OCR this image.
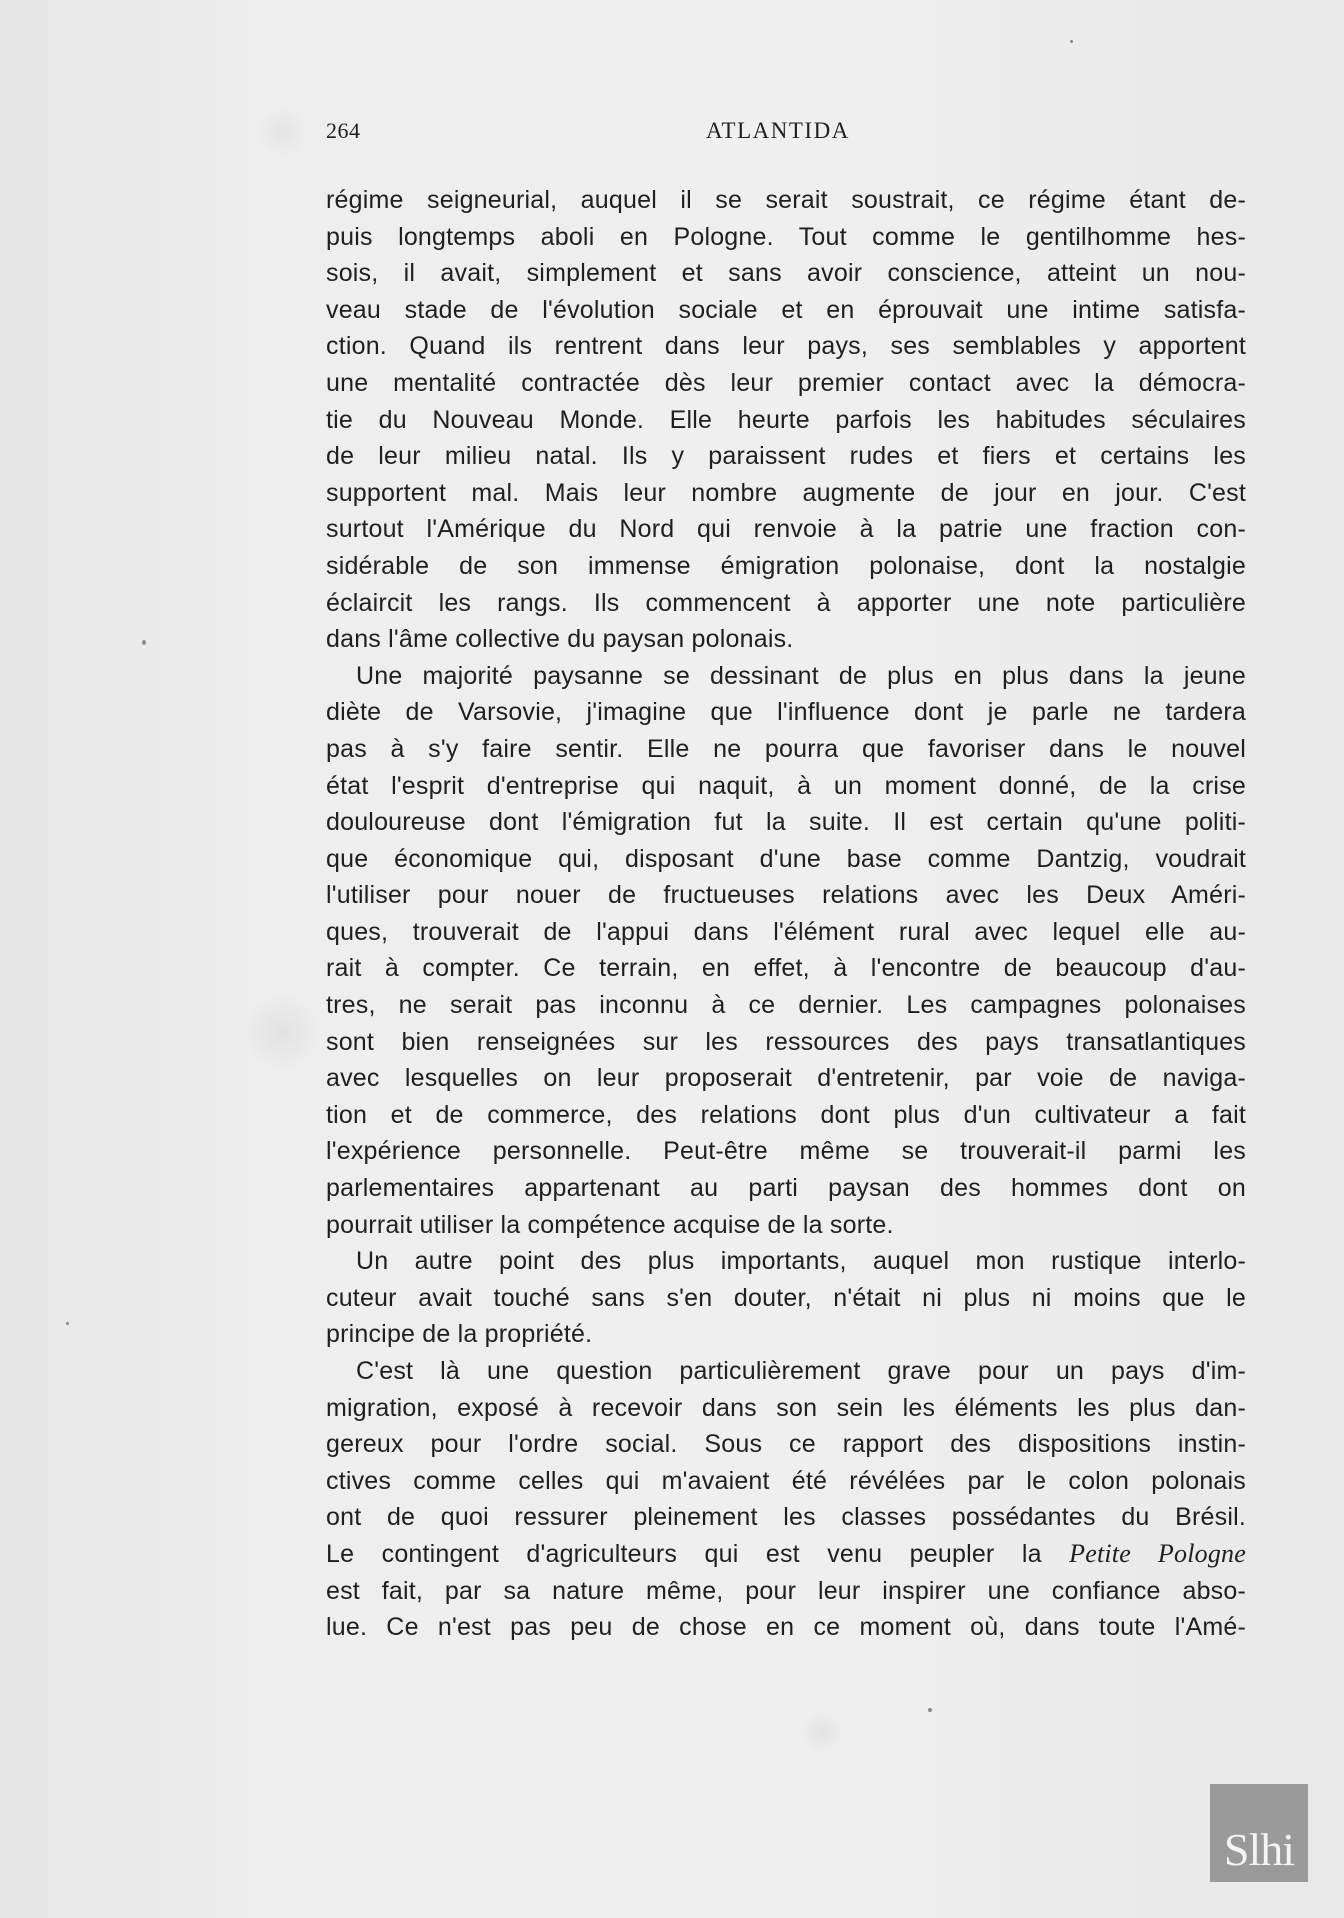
264	ATLANTIDA
régime seigneurial, auquel il se serait soustrait, ce régime étant de-
puis longtemps aboli en Pologne. Tout comme le gentilhomme hes-
sois, il avait, simplement et sans avoir conscience, atteint un nou-
veau stade de l'évolution sociale et en éprouvait une intime satisfa-
ction. Quand ils rentrent dans leur pays, ses semblables y apportent
une mentalité contractée dès leur premier contact avec la démocra-
tie du Nouveau Monde. Elle heurte parfois les habitudes séculaires
de leur milieu natal. Ils y paraissent rudes et fiers et certains les
supportent mal. Mais leur nombre augmente de jour en jour. C'est
surtout l'Amérique du Nord qui renvoie à la patrie une fraction con-
sidérable de son immense émigration polonaise, dont la nostalgie
éclaircit les rangs. Ils commencent à apporter une note particulière
dans l'âme collective du paysan polonais.
Une majorité paysanne se dessinant de plus en plus dans la jeune
diète de Varsovie, j'imagine que l'influence dont je parle ne tardera
pas à s'y faire sentir. Elle ne pourra que favoriser dans le nouvel
état l'esprit d'entreprise qui naquit, à un moment donné, de la crise
douloureuse dont l'émigration fut la suite. Il est certain qu'une politi-
que économique qui, disposant d'une base comme Dantzig, voudrait
l'utiliser pour nouer de fructueuses relations avec les Deux Améri-
ques, trouverait de l'appui dans l'élément rural avec lequel elle au-
rait à compter. Ce terrain, en effet, à l'encontre de beaucoup d'au-
tres, ne serait pas inconnu à ce dernier. Les campagnes polonaises
sont bien renseignées sur les ressources des pays transatlantiques
avec lesquelles on leur proposerait d'entretenir, par voie de naviga-
tion et de commerce, des relations dont plus d'un cultivateur a fait
l'expérience personnelle. Peut-être même se trouverait-il parmi les
parlementaires appartenant au parti paysan des hommes dont on
pourrait utiliser la compétence acquise de la sorte.
Un autre point des plus importants, auquel mon rustique interlo-
cuteur avait touché sans s'en douter, n'était ni plus ni moins que le
principe de la propriété.
C'est là une question particulièrement grave pour un pays d'im-
migration, exposé à recevoir dans son sein les éléments les plus dan-
gereux pour l'ordre social. Sous ce rapport des dispositions instin-
ctives comme celles qui m'avaient été révélées par le colon polonais
ont de quoi ressurer pleinement les classes possédantes du Brésil.
Le contingent d'agriculteurs qui est venu peupler la Petite Pologne
est fait, par sa nature même, pour leur inspirer une confiance abso-
lue. Ce n'est pas peu de chose en ce moment où, dans toute l'Amé-
Slhi
